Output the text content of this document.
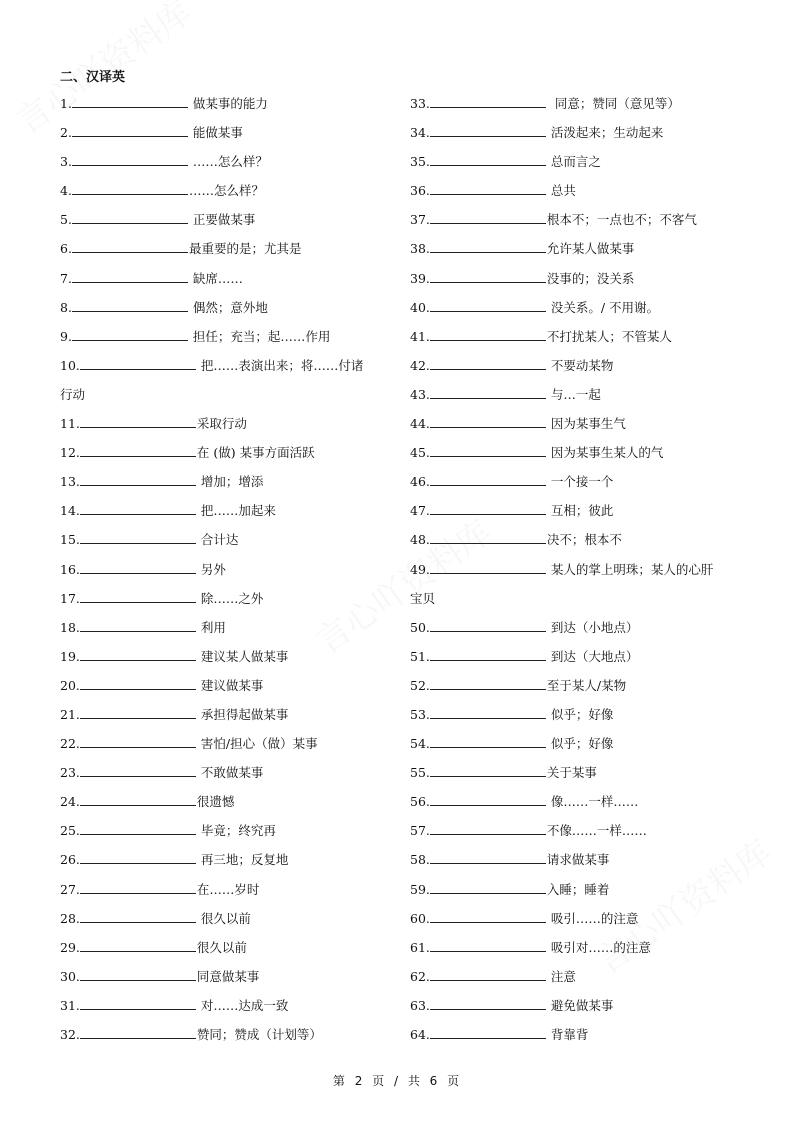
二、汉译英
1.	做某事的能力
2.	能做某事
3.	……怎么样？
4.	……怎么样？
5.	正要做某事
6.	最重要的是；尤其是
7.	缺席……
8.	偶然；意外地
9.	担任；充当；起……作用
10.	把……表演出来；将……付诸
行动
11.	采取行动
12.	在 (做) 某事方面活跃
13.	增加；增添
14.	把……加起来
15.	合计达
16.	另外
17.	除……之外
18.	利用
19.	建议某人做某事
20.	建议做某事
21.	承担得起做某事
22.	害怕/担心（做）某事
23.	不敢做某事
24.	很遗憾
25.	毕竟；终究再
26.	再三地；反复地
27.	在……岁时
28.	很久以前
29.	很久以前
30.	同意做某事
31.	对……达成一致
32.	赞同；赞成（计划等）
33.	同意；赞同（意见等）
34.	活泼起来；生动起来
35.	总而言之
36.	总共
37.	根本不；一点也不；不客气
38.	允许某人做某事
39.	没事的；没关系
40.	没关系。/ 不用谢。
41.	不打扰某人；不管某人
42.	不要动某物
43.	与…一起
44.	因为某事生气
45.	因为某事生某人的气
46.	一个接一个
47.	互相；彼此
48.	决不；根本不
49.	某人的掌上明珠；某人的心肝
宝贝
50.	到达（小地点）
51.	到达（大地点）
52.	至于某人/某物
53.	似乎；好像
54.	似乎；好像
55.	关于某事
56.	像……一样……
57.	不像……一样……
58.	请求做某事
59.	入睡；睡着
60.	吸引……的注意
61.	吸引对……的注意
62.	注意
63.	避免做某事
64.	背靠背
第 2 页 / 共 6 页
